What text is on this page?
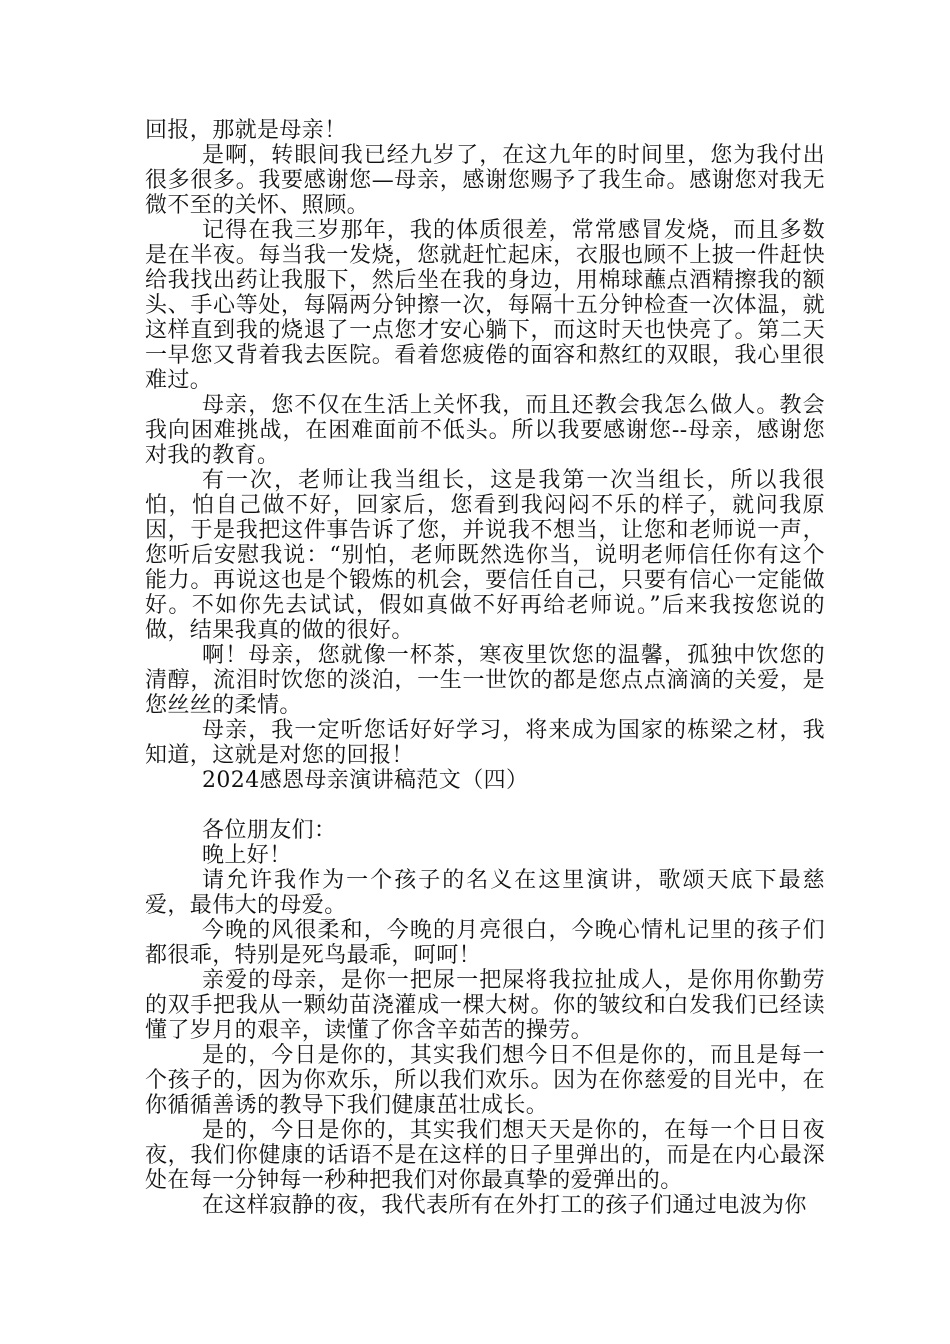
回报，那就是母亲！

是啊，转眼间我已经九岁了，在这九年的时间里，您为我付出很多很多。我要感谢您—母亲，感谢您赐予了我生命。感谢您对我无微不至的关怀、照顾。

记得在我三岁那年，我的体质很差，常常感冒发烧，而且多数是在半夜。每当我一发烧，您就赶忙起床，衣服也顾不上披一件赶快给我找出药让我服下，然后坐在我的身边，用棉球蘸点酒精擦我的额头、手心等处，每隔两分钟擦一次，每隔十五分钟检查一次体温，就这样直到我的烧退了一点您才安心躺下，而这时天也快亮了。第二天一早您又背着我去医院。看着您疲倦的面容和熬红的双眼，我心里很难过。

母亲，您不仅在生活上关怀我，而且还教会我怎么做人。教会我向困难挑战，在困难面前不低头。所以我要感谢您--母亲，感谢您对我的教育。

有一次，老师让我当组长，这是我第一次当组长，所以我很怕，怕自己做不好，回家后，您看到我闷闷不乐的样子，就问我原因，于是我把这件事告诉了您，并说我不想当，让您和老师说一声，您听后安慰我说：“别怕，老师既然选你当，说明老师信任你有这个能力。再说这也是个锻炼的机会，要信任自己，只要有信心一定能做好。不如你先去试试，假如真做不好再给老师说。”后来我按您说的做，结果我真的做的很好。

啊！母亲，您就像一杯茶，寒夜里饮您的温馨，孤独中饮您的清醇，流泪时饮您的淡泊，一生一世饮的都是您点点滴滴的关爱，是您丝丝的柔情。

母亲，我一定听您话好好学习，将来成为国家的栋梁之材，我知道，这就是对您的回报！

2024感恩母亲演讲稿范文（四）

各位朋友们：

晚上好！

请允许我作为一个孩子的名义在这里演讲，歌颂天底下最慈爱，最伟大的母爱。

今晚的风很柔和，今晚的月亮很白，今晚心情札记里的孩子们都很乖，特别是死鸟最乖，呵呵！

亲爱的母亲，是你一把尿一把屎将我拉扯成人，是你用你勤劳的双手把我从一颗幼苗浇灌成一棵大树。你的皱纹和白发我们已经读懂了岁月的艰辛，读懂了你含辛茹苦的操劳。

是的，今日是你的，其实我们想今日不但是你的，而且是每一个孩子的，因为你欢乐，所以我们欢乐。因为在你慈爱的目光中，在你循循善诱的教导下我们健康茁壮成长。

是的，今日是你的，其实我们想天天是你的，在每一个日日夜夜，我们你健康的话语不是在这样的日子里弹出的，而是在内心最深处在每一分钟每一秒种把我们对你最真挚的爱弹出的。

在这样寂静的夜，我代表所有在外打工的孩子们通过电波为你
